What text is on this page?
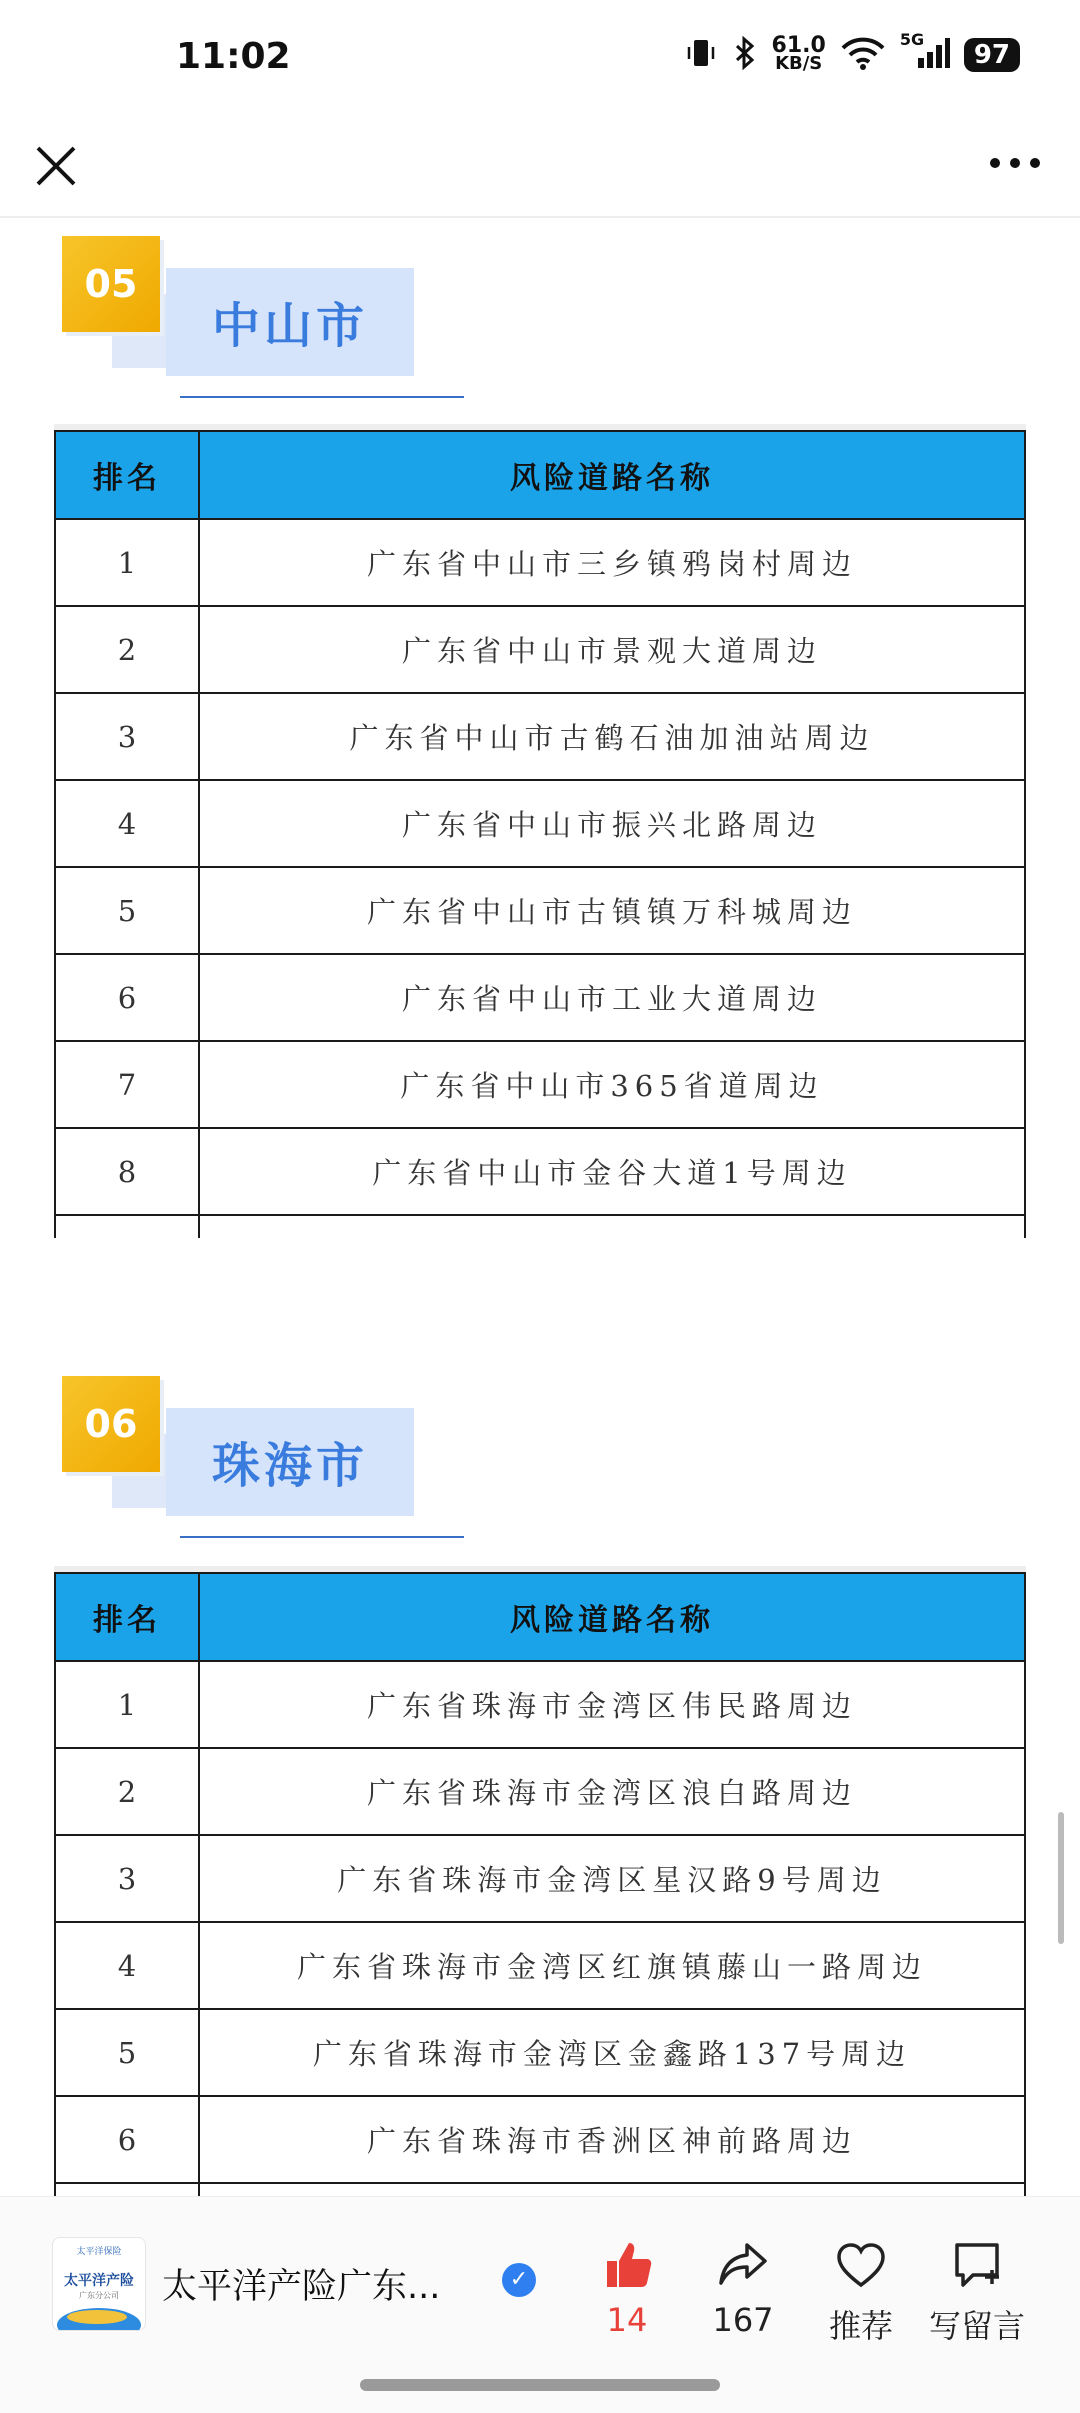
11:02	61.0
KB/S
5G
97
05
中山市
排名	风险道路名称
1	广东省中山市三乡镇鸦岗村周边
2	广东省中山市景观大道周边
3	广东省中山市古鹤石油加油站周边
4	广东省中山市振兴北路周边
5	广东省中山市古镇镇万科城周边
6	广东省中山市工业大道周边
7	广东省中山市365省道周边
8	广东省中山市金谷大道1号周边

06
珠海市
排名	风险道路名称
1	广东省珠海市金湾区伟民路周边
2	广东省珠海市金湾区浪白路周边
3	广东省珠海市金湾区星汉路9号周边
4	广东省珠海市金湾区红旗镇藤山一路周边
5	广东省珠海市金湾区金鑫路137号周边
6	广东省珠海市香洲区神前路周边

太平洋保险
太平洋产险
广东分公司	太平洋产险广东...	✓
14	167	推荐	写留言
